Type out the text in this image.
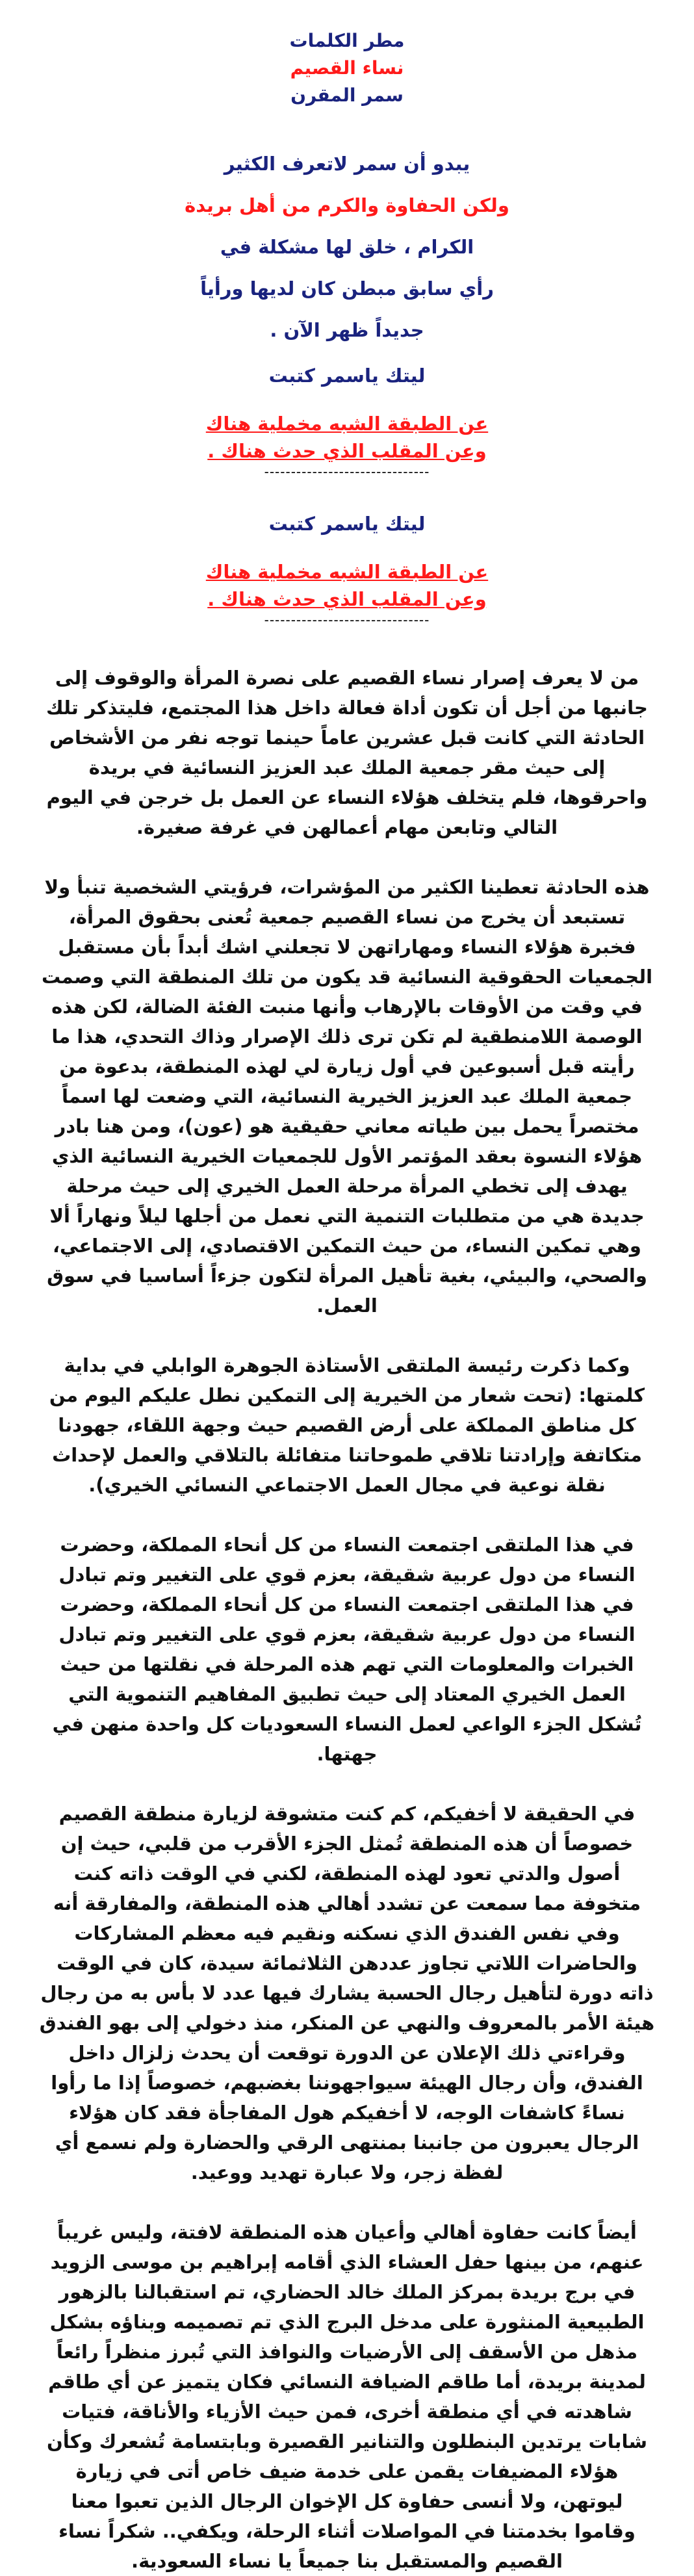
مطر الكلمات
نساء القصيم
سمر المقرن
يبدو أن سمر لاتعرف الكثير
ولكن الحفاوة والكرم من أهل بريدة
الكرام ، خلق لها مشكلة في
رأي سابق مبطن كان لديها ورأياً
جديداً ظهر الآن .
ليتك ياسمر كتبت
عن الطبقة الشبه مخملية هناك
وعن المقلب الذي حدث هناك .
-------------------------------
ليتك ياسمر كتبت
عن الطبقة الشبه مخملية هناك
وعن المقلب الذي حدث هناك .
-------------------------------

من لا يعرف إصرار نساء القصيم على نصرة المرأة والوقوف إلى جانبها من أجل أن تكون أداة فعالة داخل هذا المجتمع، فليتذكر تلك الحادثة التي كانت قبل عشرين عاماً حينما توجه نفر من الأشخاص إلى حيث مقر جمعية الملك عبد العزيز النسائية في بريدة واحرقوها، فلم يتخلف هؤلاء النساء عن العمل بل خرجن في اليوم التالي وتابعن مهام أعمالهن في غرفة صغيرة.

هذه الحادثة تعطينا الكثير من المؤشرات، فرؤيتي الشخصية تنبأ ولا تستبعد أن يخرج من نساء القصيم جمعية تُعنى بحقوق المرأة، فخبرة هؤلاء النساء ومهاراتهن لا تجعلني اشك أبداً بأن مستقبل الجمعيات الحقوقية النسائية قد يكون من تلك المنطقة التي وصمت في وقت من الأوقات بالإرهاب وأنها منبت الفئة الضالة، لكن هذه الوصمة اللامنطقية لم تكن ترى ذلك الإصرار وذاك التحدي، هذا ما رأيته قبل أسبوعين في أول زيارة لي لهذه المنطقة، بدعوة من جمعية الملك عبد العزيز الخيرية النسائية، التي وضعت لها اسماً مختصراً يحمل بين طياته معاني حقيقية هو (عون)، ومن هنا بادر هؤلاء النسوة بعقد المؤتمر الأول للجمعيات الخيرية النسائية الذي يهدف إلى تخطي المرأة مرحلة العمل الخيري إلى حيث مرحلة جديدة هي من متطلبات التنمية التي نعمل من أجلها ليلاً ونهاراً ألا وهي تمكين النساء، من حيث التمكين الاقتصادي، إلى الاجتماعي، والصحي، والبيئي، بغية تأهيل المرأة لتكون جزءاً أساسيا في سوق العمل.

وكما ذكرت رئيسة الملتقى الأستاذة الجوهرة الوابلي في بداية كلمتها: (تحت شعار من الخيرية إلى التمكين نطل عليكم اليوم من كل مناطق المملكة على أرض القصيم حيث وجهة اللقاء، جهودنا متكاتفة وإرادتنا تلاقي طموحاتنا متفائلة بالتلاقي والعمل لإحداث نقلة نوعية في مجال العمل الاجتماعي النسائي الخيري).

في هذا الملتقى اجتمعت النساء من كل أنحاء المملكة، وحضرت النساء من دول عربية شقيقة، بعزم قوي على التغيير وتم تبادل

في هذا الملتقى اجتمعت النساء من كل أنحاء المملكة، وحضرت النساء من دول عربية شقيقة، بعزم قوي على التغيير وتم تبادل الخبرات والمعلومات التي تهم هذه المرحلة في نقلتها من حيث العمل الخيري المعتاد إلى حيث تطبيق المفاهيم التنموية التي تُشكل الجزء الواعي لعمل النساء السعوديات كل واحدة منهن في جهتها.

في الحقيقة لا أخفيكم، كم كنت متشوقة لزيارة منطقة القصيم خصوصاً أن هذه المنطقة تُمثل الجزء الأقرب من قلبي، حيث إن أصول والدتي تعود لهذه المنطقة، لكني في الوقت ذاته كنت متخوفة مما سمعت عن تشدد أهالي هذه المنطقة، والمفارقة أنه وفي نفس الفندق الذي نسكنه ونقيم فيه معظم المشاركات والحاضرات اللاتي تجاوز عددهن الثلاثمائة سيدة، كان في الوقت ذاته دورة لتأهيل رجال الحسبة يشارك فيها عدد لا بأس به من رجال هيئة الأمر بالمعروف والنهي عن المنكر، منذ دخولي إلى بهو الفندق وقراءتي ذلك الإعلان عن الدورة توقعت أن يحدث زلزال داخل الفندق، وأن رجال الهيئة سيواجهوننا بغضبهم، خصوصاً إذا ما رأوا نساءً كاشفات الوجه، لا أخفيكم هول المفاجأة فقد كان هؤلاء الرجال يعبرون من جانبنا بمنتهى الرقي والحضارة ولم نسمع أي لفظة زجر، ولا عبارة تهديد ووعيد.

أيضاً كانت حفاوة أهالي وأعيان هذه المنطقة لافتة، وليس غريباً عنهم، من بينها حفل العشاء الذي أقامه إبراهيم بن موسى الزويد في برج بريدة بمركز الملك خالد الحضاري، تم استقبالنا بالزهور الطبيعية المنثورة على مدخل البرج الذي تم تصميمه وبناؤه بشكل مذهل من الأسقف إلى الأرضيات والنوافذ التي تُبرز منظراً رائعاً لمدينة بريدة، أما طاقم الضيافة النسائي فكان يتميز عن أي طاقم شاهدته في أي منطقة أخرى، فمن حيث الأزياء والأناقة، فتيات شابات يرتدين البنطلون والتنانير القصيرة وبابتسامة تُشعرك وكأن هؤلاء المضيفات يقمن على خدمة ضيف خاص أتى في زيارة ليوتهن، ولا أنسى حفاوة كل الإخوان الرجال الذين تعبوا معنا وقاموا بخدمتنا في المواصلات أثناء الرحلة، ويكفي.. شكراً نساء القصيم والمستقبل بنا جميعاً يا نساء السعودية.
